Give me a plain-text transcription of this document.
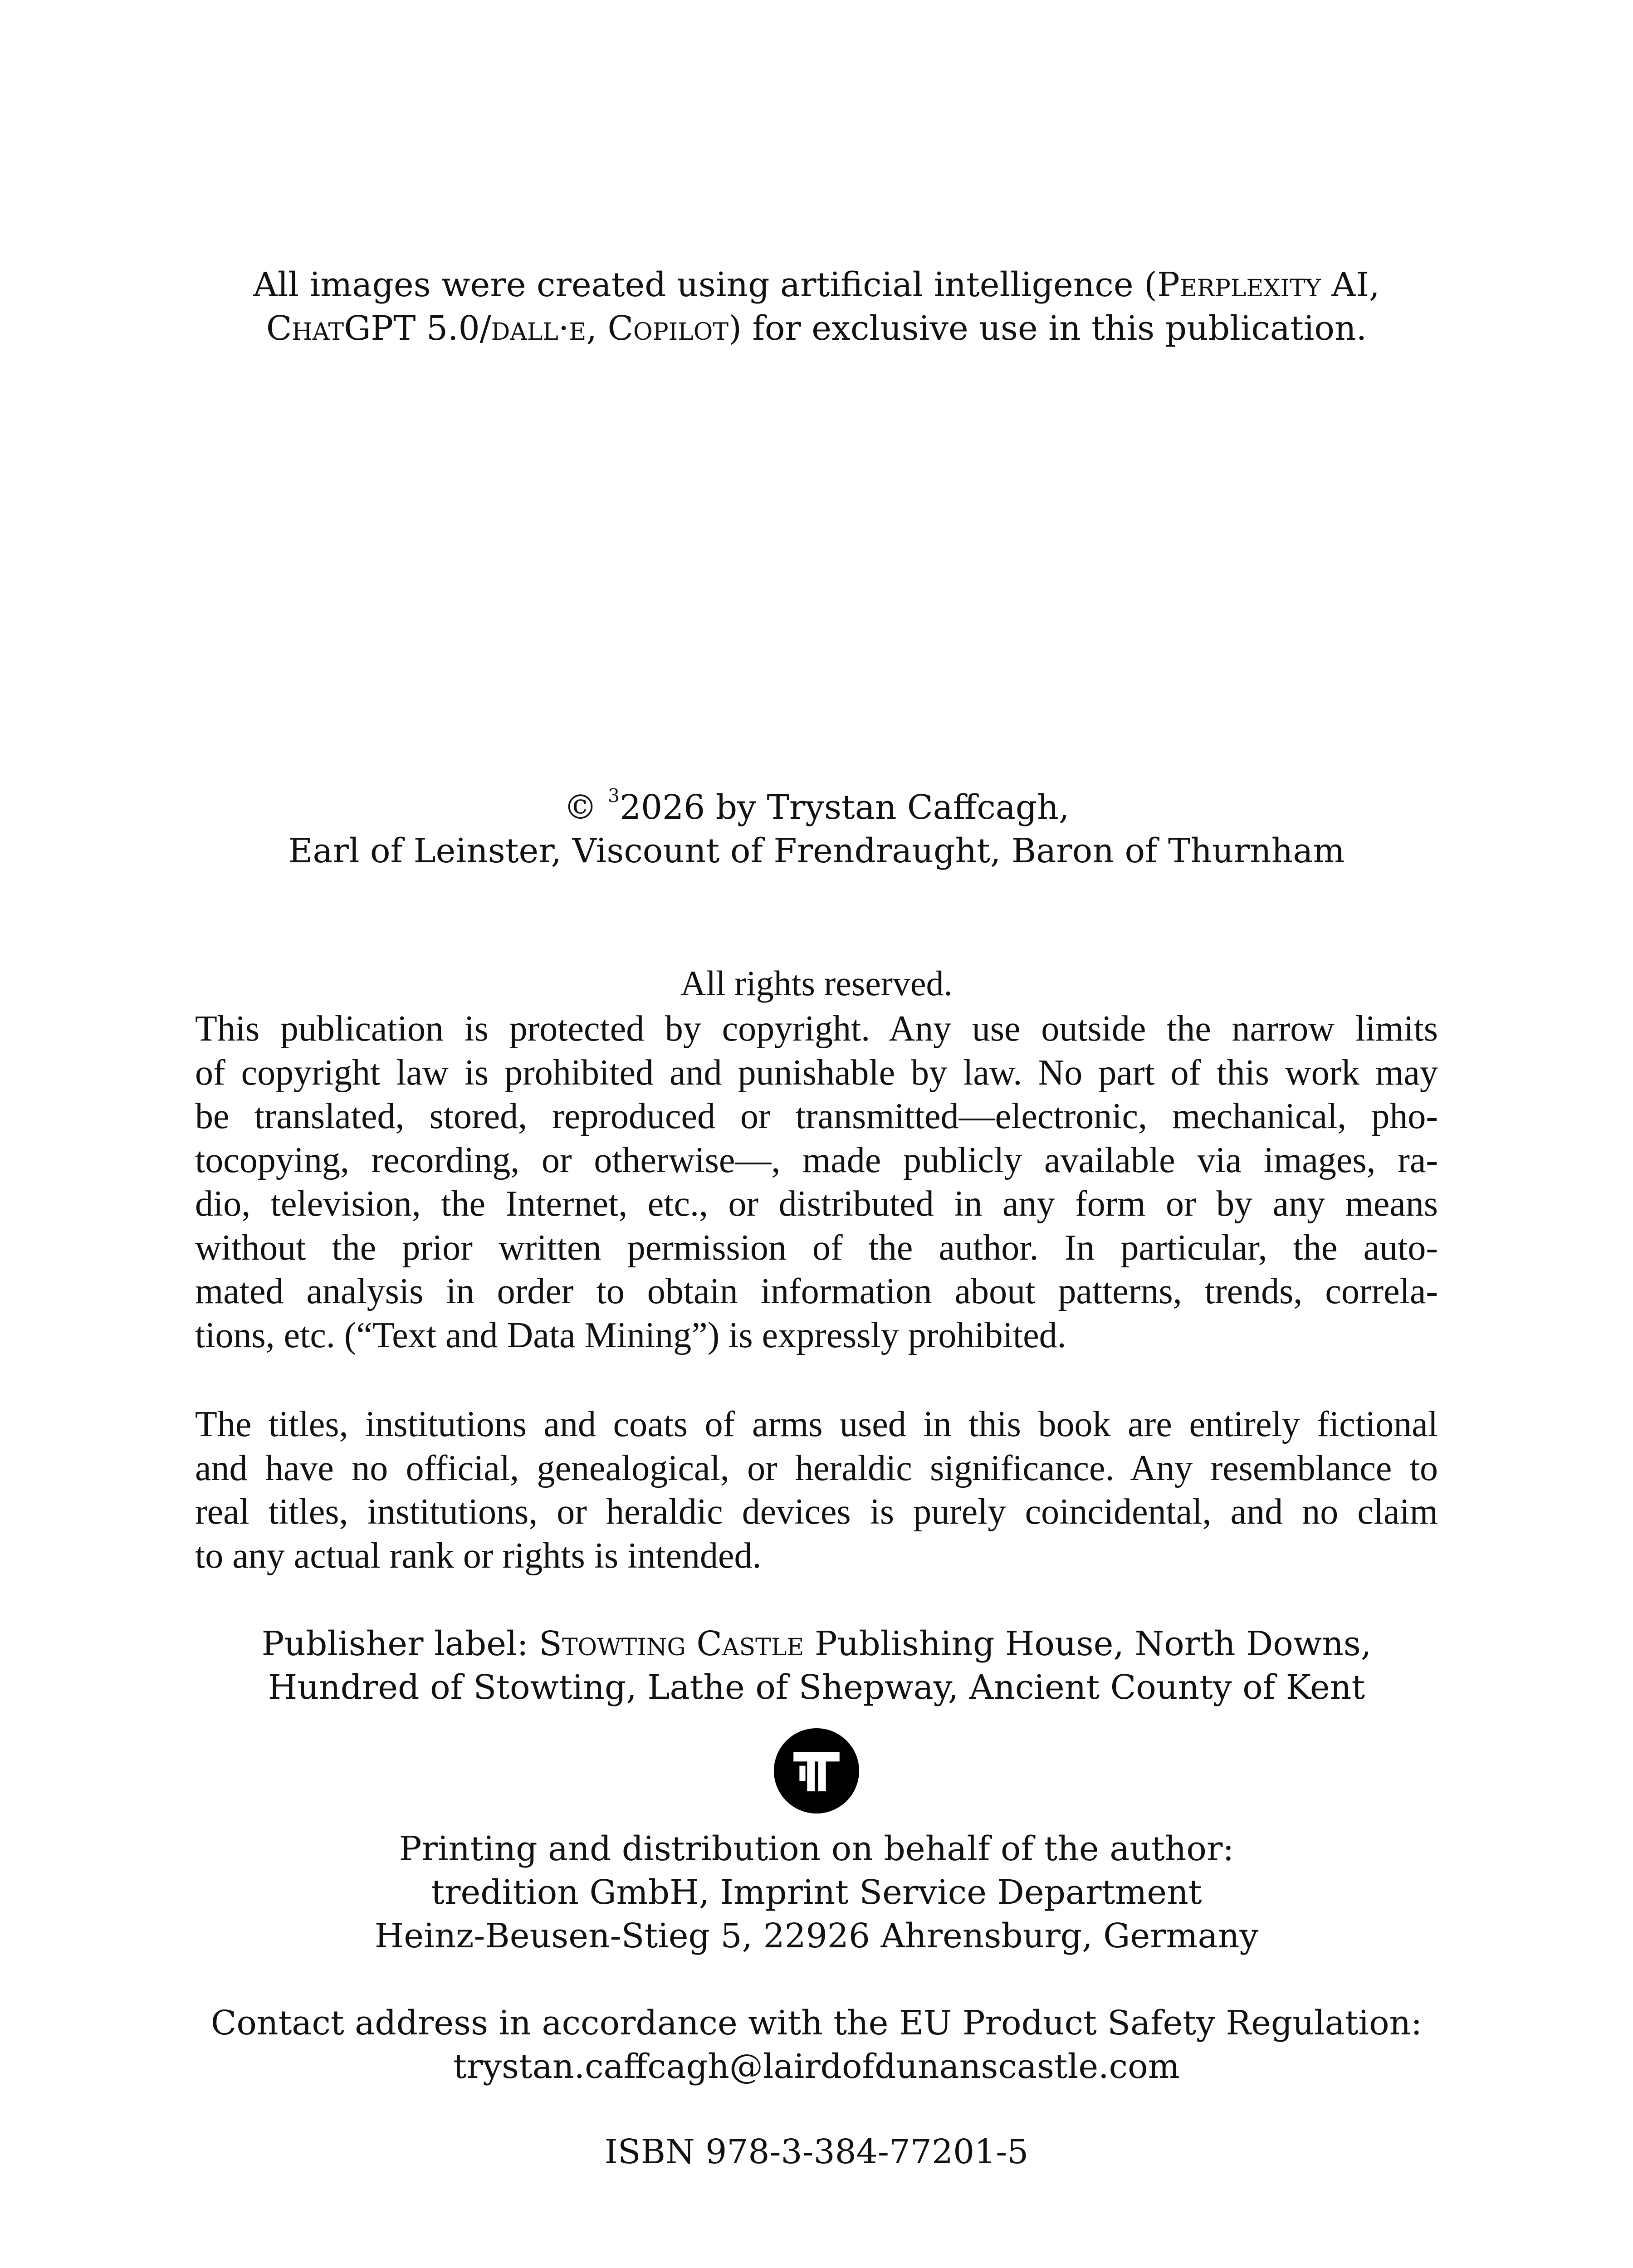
All images were created using artificial intelligence (Perplexity AI,
ChatGPT 5.0/dall·e, Copilot) for exclusive use in this publication.
© $^3$2026 by Trystan Caffcagh,
Earl of Leinster, Viscount of Frendraught, Baron of Thurnham
All rights reserved.
This publication is protected by copyright. Any use outside the narrow limits
of copyright law is prohibited and punishable by law. No part of this work may
be translated, stored, reproduced or transmitted—electronic, mechanical, pho-
tocopying, recording, or otherwise—, made publicly available via images, ra-
dio, television, the Internet, etc., or distributed in any form or by any means
without the prior written permission of the author. In particular, the auto-
mated analysis in order to obtain information about patterns, trends, correla-
tions, etc. (“Text and Data Mining”) is expressly prohibited.
The titles, institutions and coats of arms used in this book are entirely fictional
and have no official, genealogical, or heraldic significance. Any resemblance to
real titles, institutions, or heraldic devices is purely coincidental, and no claim
to any actual rank or rights is intended.
Publisher label: Stowting Castle Publishing House, North Downs,
Hundred of Stowting, Lathe of Shepway, Ancient County of Kent
Printing and distribution on behalf of the author:
tredition GmbH, Imprint Service Department
Heinz-Beusen-Stieg 5, 22926 Ahrensburg, Germany
Contact address in accordance with the EU Product Safety Regulation:
trystan.caffcagh@lairdofdunanscastle.com
ISBN 978-3-384-77201-5
